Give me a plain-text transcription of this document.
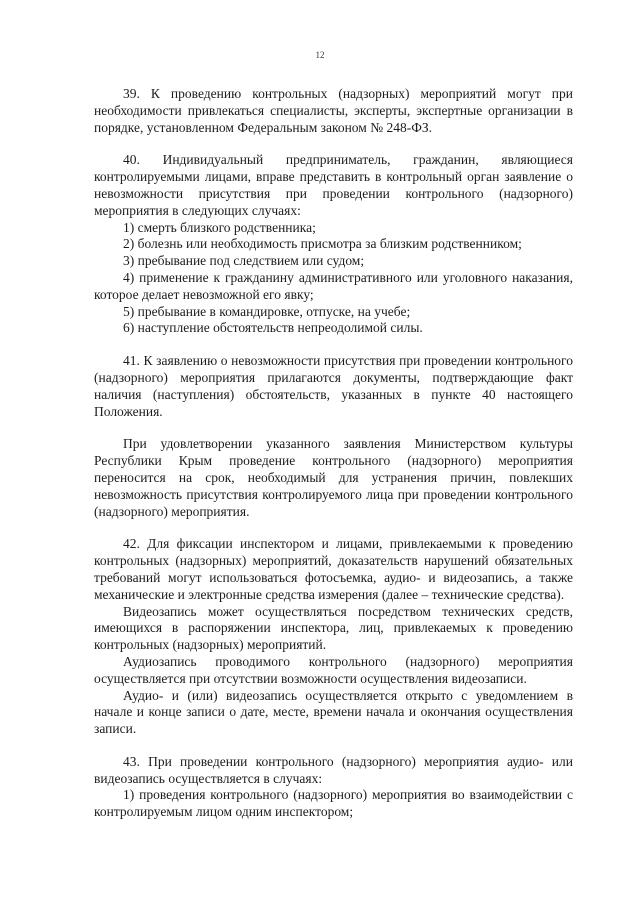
12

39. К проведению контрольных (надзорных) мероприятий могут при необходимости привлекаться специалисты, эксперты, экспертные организации в порядке, установленном Федеральным законом № 248-ФЗ.

40. Индивидуальный предприниматель, гражданин, являющиеся контролируемыми лицами, вправе представить в контрольный орган заявление о невозможности присутствия при проведении контрольного (надзорного) мероприятия в следующих случаях:

1) смерть близкого родственника;

2) болезнь или необходимость присмотра за близким родственником;

3) пребывание под следствием или судом;

4) применение к гражданину административного или уголовного наказания, которое делает невозможной его явку;

5) пребывание в командировке, отпуске, на учебе;

6) наступление обстоятельств непреодолимой силы.

41. К заявлению о невозможности присутствия при проведении контрольного (надзорного) мероприятия прилагаются документы, подтверждающие факт наличия (наступления) обстоятельств, указанных в пункте 40 настоящего Положения.

При удовлетворении указанного заявления Министерством культуры Республики Крым проведение контрольного (надзорного) мероприятия переносится на срок, необходимый для устранения причин, повлекших невозможность присутствия контролируемого лица при проведении контрольного (надзорного) мероприятия.

42. Для фиксации инспектором и лицами, привлекаемыми к проведению контрольных (надзорных) мероприятий, доказательств нарушений обязательных требований могут использоваться фотосъемка, аудио- и видеозапись, а также механические и электронные средства измерения (далее – технические средства).

Видеозапись может осуществляться посредством технических средств, имеющихся в распоряжении инспектора, лиц, привлекаемых к проведению контрольных (надзорных) мероприятий.

Аудиозапись проводимого контрольного (надзорного) мероприятия осуществляется при отсутствии возможности осуществления видеозаписи.

Аудио- и (или) видеозапись осуществляется открыто с уведомлением в начале и конце записи о дате, месте, времени начала и окончания осуществления записи.

43. При проведении контрольного (надзорного) мероприятия аудио- или видеозапись осуществляется в случаях:

1) проведения контрольного (надзорного) мероприятия во взаимодействии с контролируемым лицом одним инспектором;
